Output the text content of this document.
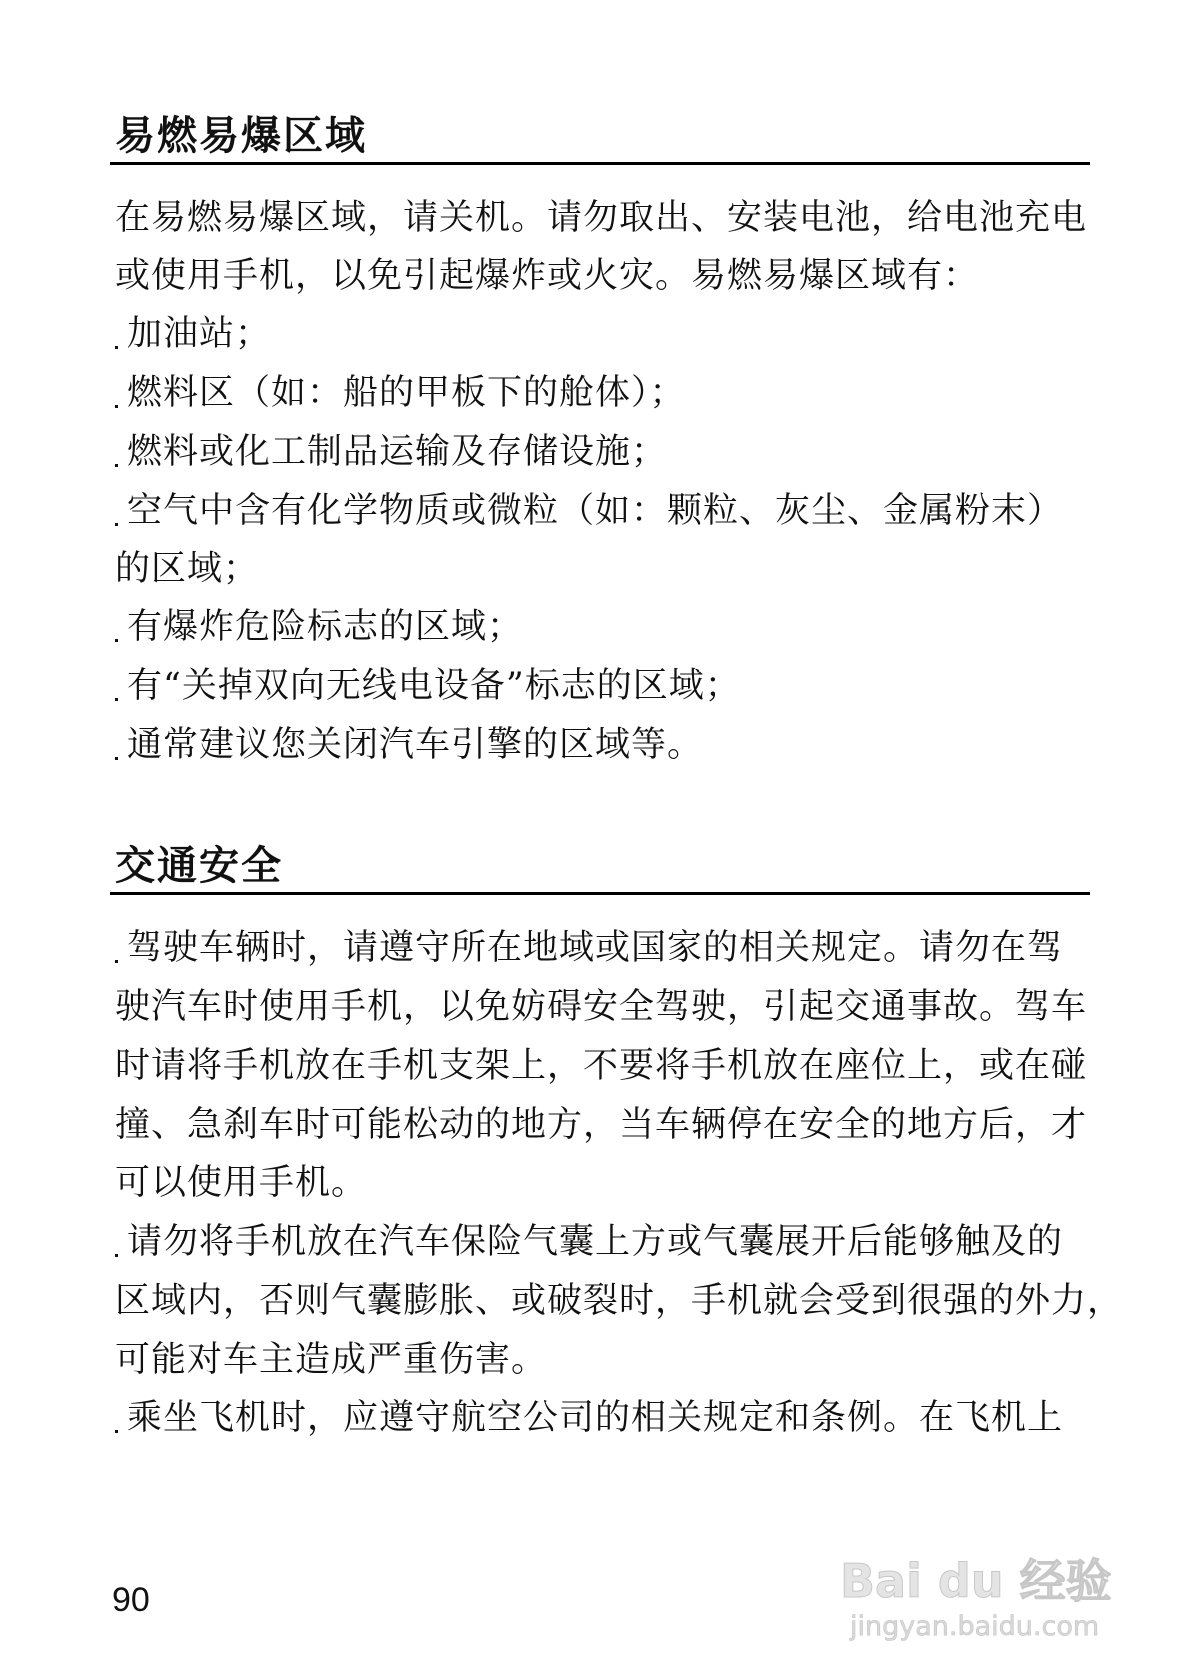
易燃易爆区域
在易燃易爆区域，请关机。请勿取出、安装电池，给电池充电
或使用手机，以免引起爆炸或火灾。易燃易爆区域有：
加油站；
燃料区（如：船的甲板下的舱体）；
燃料或化工制品运输及存储设施；
空气中含有化学物质或微粒（如：颗粒、灰尘、金属粉末）
的区域；
有爆炸危险标志的区域；
有“关掉双向无线电设备”标志的区域；
通常建议您关闭汽车引擎的区域等。
交通安全
驾驶车辆时，请遵守所在地域或国家的相关规定。请勿在驾
驶汽车时使用手机，以免妨碍安全驾驶，引起交通事故。驾车
时请将手机放在手机支架上，不要将手机放在座位上，或在碰
撞、急刹车时可能松动的地方，当车辆停在安全的地方后，才
可以使用手机。
请勿将手机放在汽车保险气囊上方或气囊展开后能够触及的
区域内，否则气囊膨胀、或破裂时，手机就会受到很强的外力，
可能对车主造成严重伤害。
乘坐飞机时，应遵守航空公司的相关规定和条例。在飞机上
90	Bai du 经验
jingyan.baidu.com
